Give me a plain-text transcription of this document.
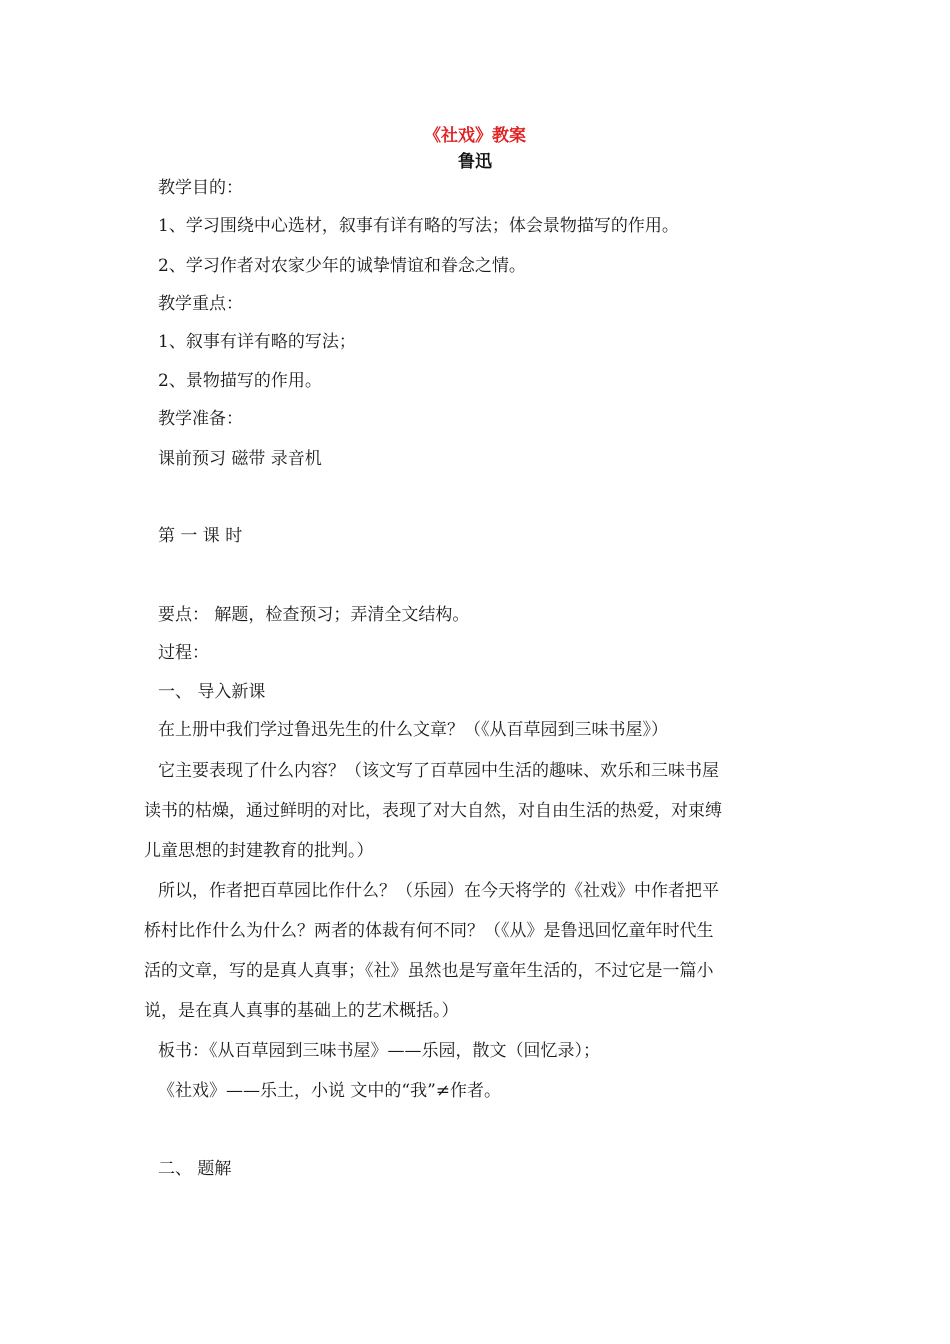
《社戏》教案
鲁迅
教学目的：
1、学习围绕中心选材，叙事有详有略的写法；体会景物描写的作用。
2、学习作者对农家少年的诚挚情谊和眷念之情。
教学重点：
1、叙事有详有略的写法；
2、景物描写的作用。
教学准备：
课前预习 磁带 录音机
第 一 课 时
要点： 解题，检查预习；弄清全文结构。
过程：
一、 导入新课
在上册中我们学过鲁迅先生的什么文章？（《从百草园到三味书屋》）
它主要表现了什么内容？（该文写了百草园中生活的趣味、欢乐和三味书屋
读书的枯燥，通过鲜明的对比，表现了对大自然，对自由生活的热爱，对束缚
儿童思想的封建教育的批判。）
所以，作者把百草园比作什么？（乐园）在今天将学的《社戏》中作者把平
桥村比作什么为什么？两者的体裁有何不同？（《从》是鲁迅回忆童年时代生
活的文章，写的是真人真事；《社》虽然也是写童年生活的，不过它是一篇小
说，是在真人真事的基础上的艺术概括。）
板书：《从百草园到三味书屋》——乐园，散文（回忆录）；
《社戏》——乐土，小说 文中的“我”≠作者。
二、 题解
